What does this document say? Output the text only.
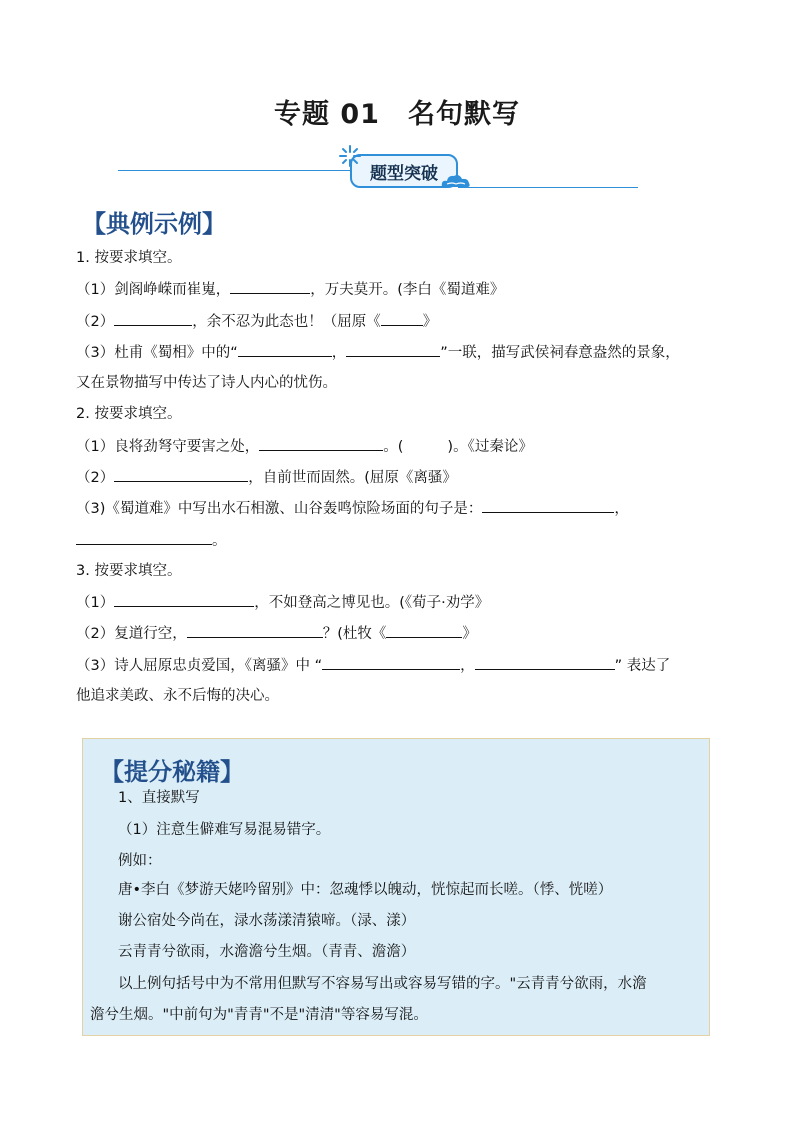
专题 01　名句默写
题型突破
【典例示例】
1. 按要求填空。
（1）剑阁峥嵘而崔嵬，	，万夫莫开。(李白《蜀道难》
（2）	，余不忍为此态也！（屈原《	》
（3）杜甫《蜀相》中的“	，	”一联，描写武侯祠春意盎然的景象，
又在景物描写中传达了诗人内心的忧伤。
2. 按要求填空。
（1）良将劲弩守要害之处，	。(	)。《过秦论》
（2）	，自前世而固然。(屈原《离骚》
（3)《蜀道难》中写出水石相激、山谷轰鸣惊险场面的句子是：	，
。
3. 按要求填空。
（1）	，不如登高之博见也。(《荀子·劝学》
（2）复道行空，	？(杜牧《	》
（3）诗人屈原忠贞爱国，《离骚》中 “	，	” 表达了
他追求美政、永不后悔的决心。
【提分秘籍】
1、直接默写
（1）注意生僻难写易混易错字。
例如：
唐•李白《梦游天姥吟留别》中：忽魂悸以魄动，恍惊起而长嗟。（悸、恍嗟）
谢公宿处今尚在，渌水荡漾清猿啼。（渌、漾）
云青青兮欲雨，水澹澹兮生烟。（青青、澹澹）
以上例句括号中为不常用但默写不容易写出或容易写错的字。"云青青兮欲雨，水澹
澹兮生烟。"中前句为"青青"不是"清清"等容易写混。
